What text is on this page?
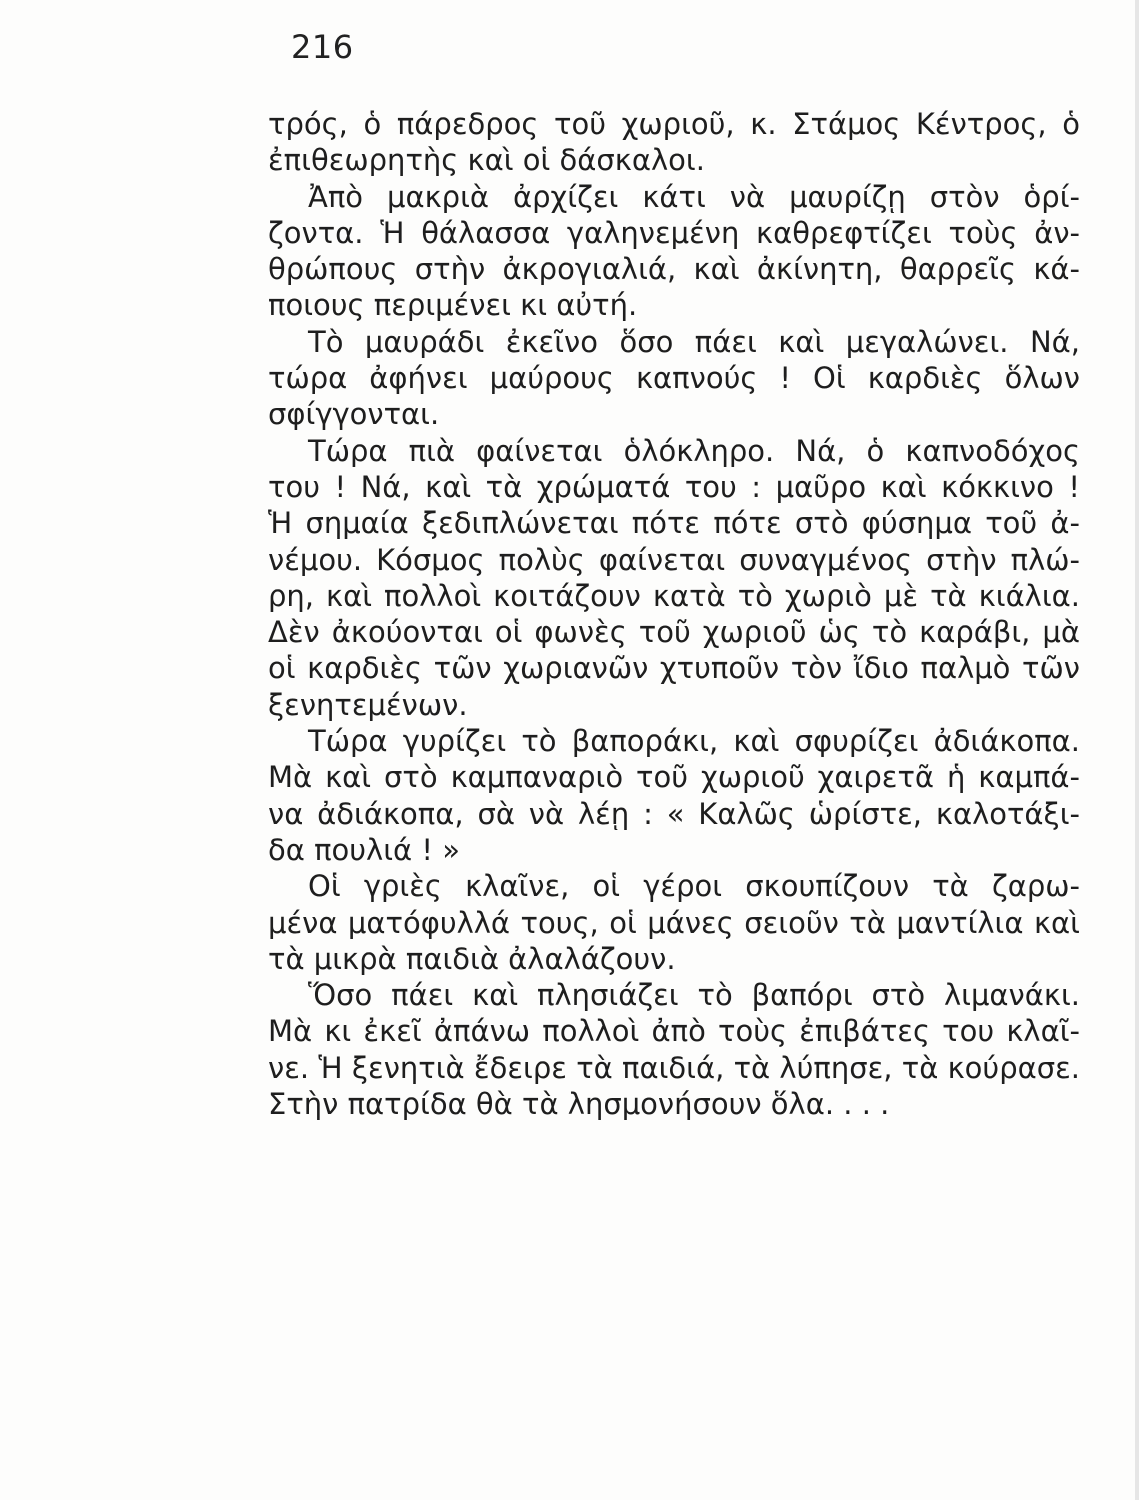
216
τρός, ὁ πάρεδρος τοῦ χωριοῦ, κ. Στάμος Κέντρος, ὁ
ἐπιθεωρητὴς καὶ οἱ δάσκαλοι.
Ἀπὸ μακριὰ ἀρχίζει κάτι νὰ μαυρίζῃ στὸν ὁρί-
ζοντα. Ἡ θάλασσα γαληνεμένη καθρεφτίζει τοὺς ἀν-
θρώπους στὴν ἀκρογιαλιά, καὶ ἀκίνητη, θαρρεῖς κά-
ποιους περιμένει κι αὐτή.
Τὸ μαυράδι ἐκεῖνο ὅσο πάει καὶ μεγαλώνει. Νά,
τώρα ἀφήνει μαύρους καπνούς ! Οἱ καρδιὲς ὅλων
σφίγγονται.
Τώρα πιὰ φαίνεται ὁλόκληρο. Νά, ὁ καπνοδόχος
του ! Νά, καὶ τὰ χρώματά του : μαῦρο καὶ κόκκινο !
Ἡ σημαία ξεδιπλώνεται πότε πότε στὸ φύσημα τοῦ ἀ-
νέμου. Κόσμος πολὺς φαίνεται συναγμένος στὴν πλώ-
ρη, καὶ πολλοὶ κοιτάζουν κατὰ τὸ χωριὸ μὲ τὰ κιάλια.
Δὲν ἀκούονται οἱ φωνὲς τοῦ χωριοῦ ὡς τὸ καράβι, μὰ
οἱ καρδιὲς τῶν χωριανῶν χτυποῦν τὸν ἴδιο παλμὸ τῶν
ξενητεμένων.
Τώρα γυρίζει τὸ βαποράκι, καὶ σφυρίζει ἀδιάκοπα.
Μὰ καὶ στὸ καμπαναριὸ τοῦ χωριοῦ χαιρετᾶ ἡ καμπά-
να ἀδιάκοπα, σὰ νὰ λέῃ : « Καλῶς ὡρίστε, καλοτάξι-
δα πουλιά ! »
Οἱ γριὲς κλαῖνε, οἱ γέροι σκουπίζουν τὰ ζαρω-
μένα ματόφυλλά τους, οἱ μάνες σειοῦν τὰ μαντίλια καὶ
τὰ μικρὰ παιδιὰ ἀλαλάζουν.
Ὅσο πάει καὶ πλησιάζει τὸ βαπόρι στὸ λιμανάκι.
Μὰ κι ἐκεῖ ἀπάνω πολλοὶ ἀπὸ τοὺς ἐπιβάτες του κλαῖ-
νε. Ἡ ξενητιὰ ἔδειρε τὰ παιδιά, τὰ λύπησε, τὰ κούρασε.
Στὴν πατρίδα θὰ τὰ λησμονήσουν ὅλα. . . .
